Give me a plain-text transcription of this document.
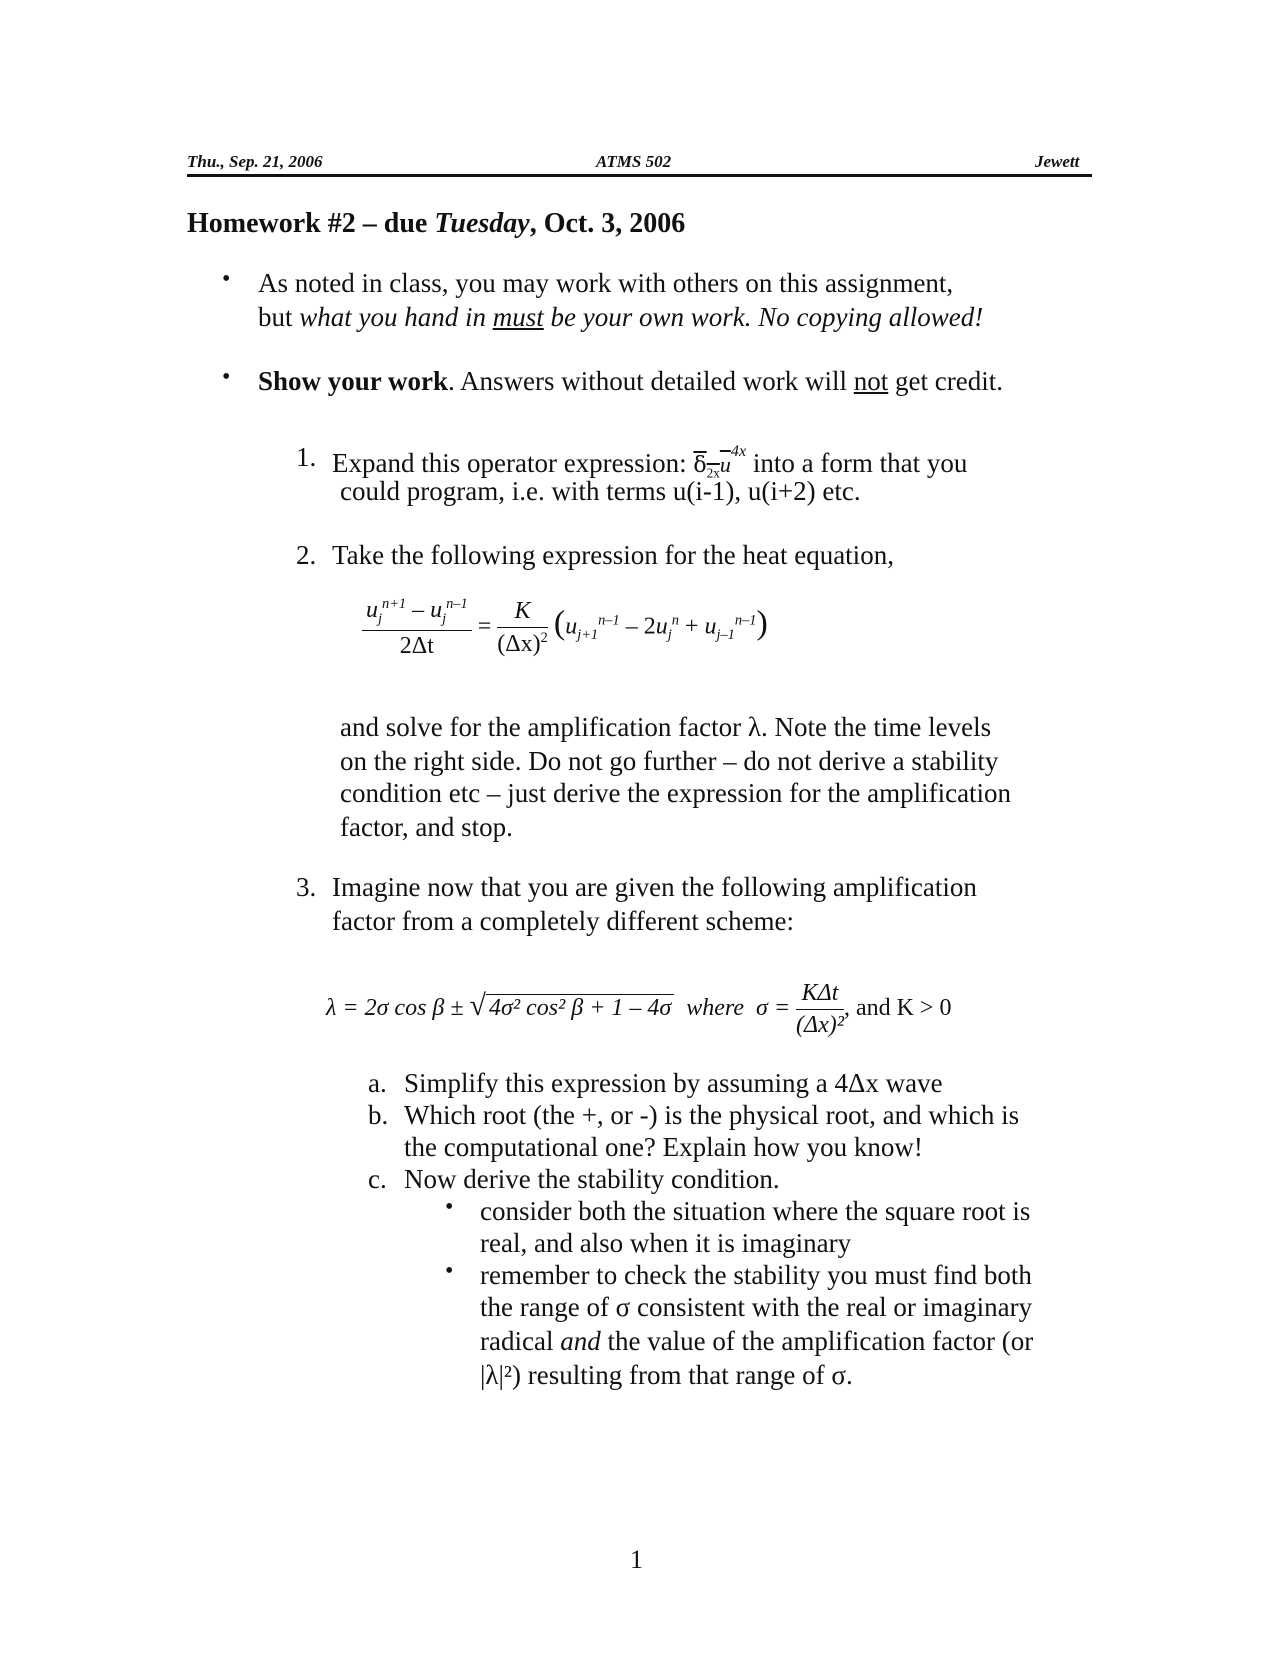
Thu., Sep. 21, 2006	ATMS 502	Jewett
Homework #2 – due Tuesday, Oct. 3, 2006
• As noted in class, you may work with others on this assignment,
but what you hand in must be your own work. No copying allowed!
• Show your work. Answers without detailed work will not get credit.
1. Expand this operator expression: $\delta_{2x}u^{4x}$ into a form that you
could program, i.e. with terms u(i-1), u(i+2) etc.
2. Take the following expression for the heat equation,
$\frac{u_j^{n+1} - u_j^{n-1}}{2\Delta t} = \frac{K}{(\Delta x)^2} (u_{j+1}^{n-1} - 2u_j^n + u_{j-1}^{n-1})$
and solve for the amplification factor λ. Note the time levels
on the right side. Do not go further – do not derive a stability
condition etc – just derive the expression for the amplification
factor, and stop.
3. Imagine now that you are given the following amplification
factor from a completely different scheme:
λ = 2σ cos β ± √ 4σ² cos² β + 1 – 4σ where $\sigma = \frac{\text{KΔt}}{\text{(Δx)²}}$ , and K > 0
a. Simplify this expression by assuming a 4Δx wave
b. Which root (the +, or -) is the physical root, and which is
the computational one? Explain how you know!
c. Now derive the stability condition.
• consider both the situation where the square root is
real, and also when it is imaginary
• remember to check the stability you must find both
the range of σ consistent with the real or imaginary
radical and the value of the amplification factor (or
|λ|²) resulting from that range of σ.
1
